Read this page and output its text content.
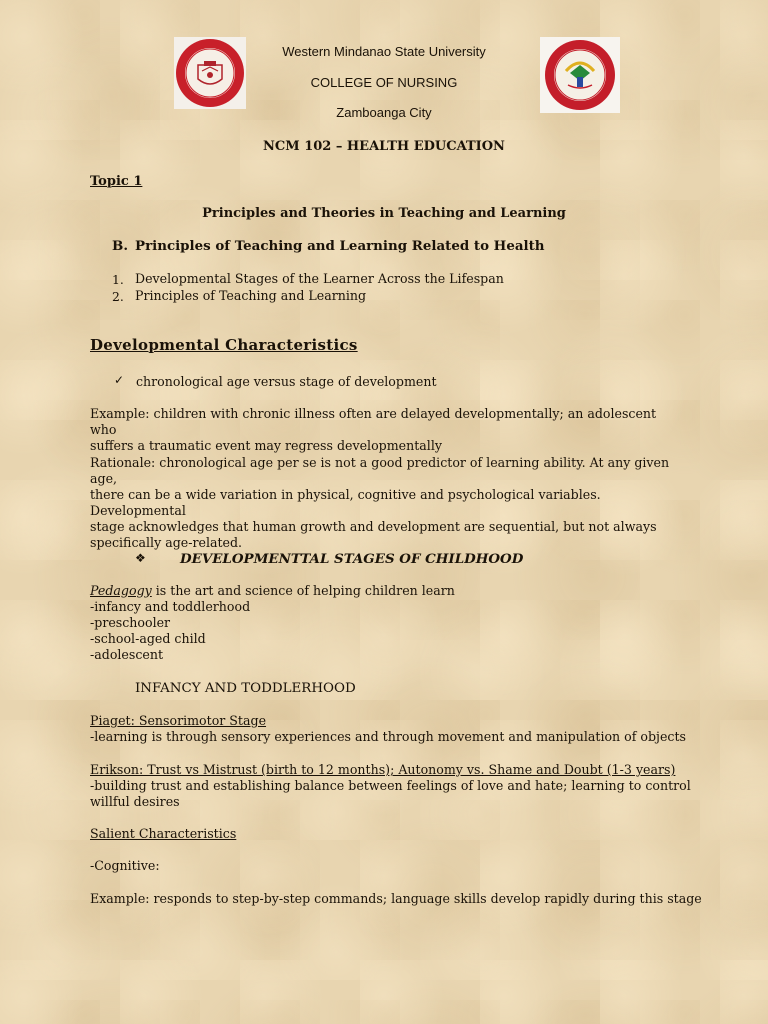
Western Mindanao State University
COLLEGE OF NURSING
Zamboanga City
NCM 102 – HEALTH EDUCATION
Topic 1
Principles and Theories in Teaching and Learning
B. Principles of Teaching and Learning Related to Health
1. Developmental Stages of the Learner Across the Lifespan
2. Principles of Teaching and Learning
Developmental Characteristics
✓ chronological age versus stage of development
Example: children with chronic illness often are delayed developmentally; an adolescent who
suffers a traumatic event may regress developmentally
Rationale: chronological age per se is not a good predictor of learning ability. At any given age,
there can be a wide variation in physical, cognitive and psychological variables. Developmental
stage acknowledges that human growth and development are sequential, but not always
specifically age-related.
❖	DEVELOPMENTTAL STAGES OF CHILDHOOD
Pedagogy is the art and science of helping children learn
-infancy and toddlerhood
-preschooler
-school-aged child
-adolescent
INFANCY AND TODDLERHOOD
Piaget: Sensorimotor Stage
-learning is through sensory experiences and through movement and manipulation of objects
Erikson: Trust vs Mistrust (birth to 12 months); Autonomy vs. Shame and Doubt (1-3 years)
-building trust and establishing balance between feelings of love and hate; learning to control
willful desires
Salient Characteristics
-Cognitive:
Example: responds to step-by-step commands; language skills develop rapidly during this stage
